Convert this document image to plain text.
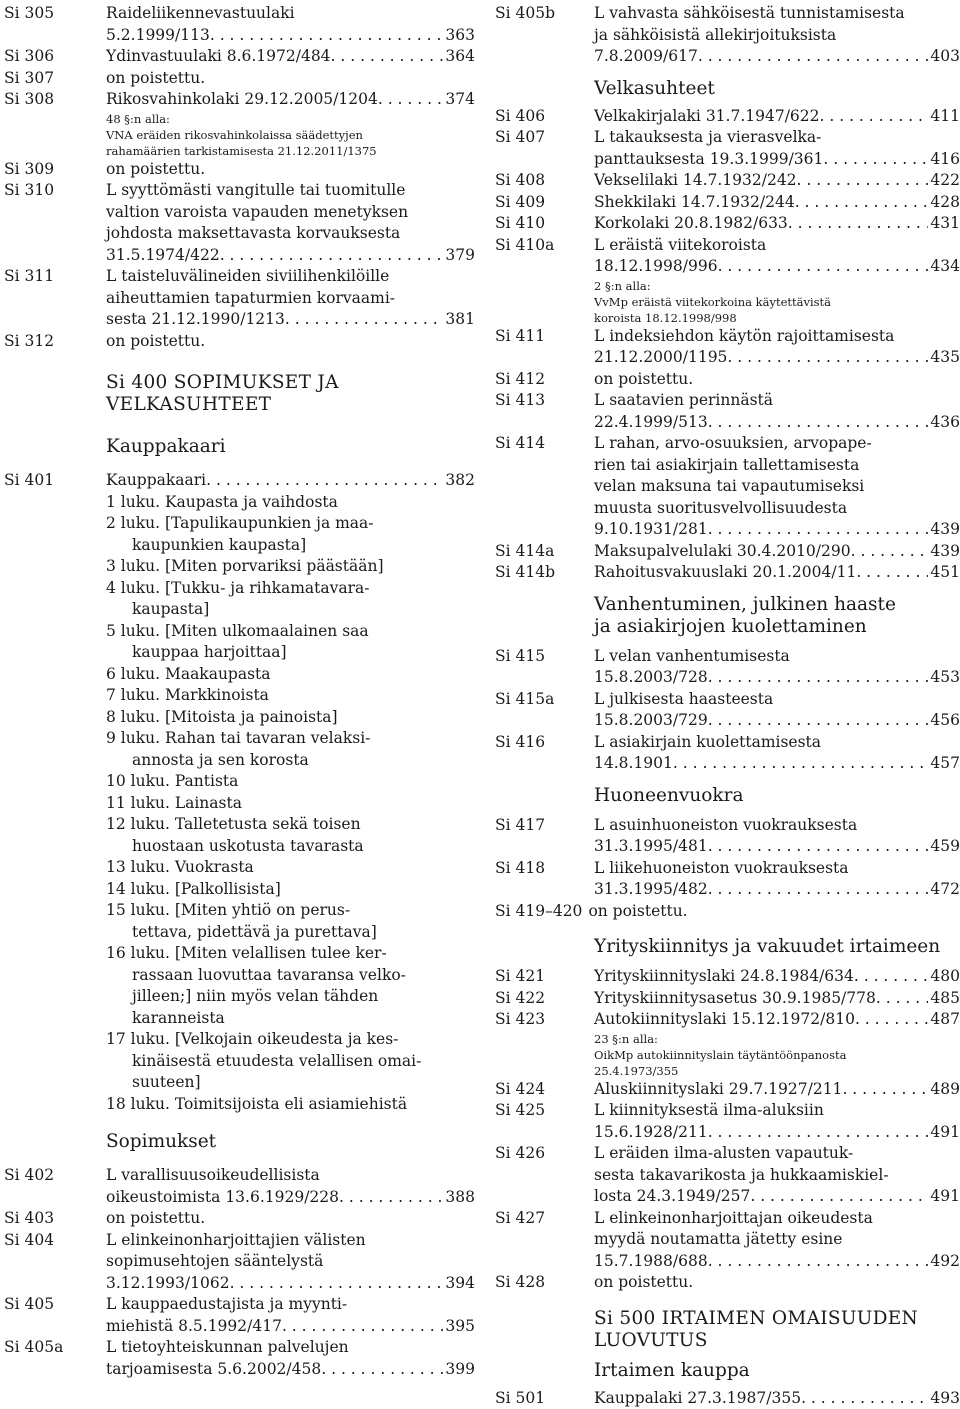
Si 305	Raideliikennevastuulaki
5.2.1999/113 . . .	363
Si 306	Ydinvastuulaki 8.6.1972/484 . . .	364
Si 307	on poistettu.
Si 308	Rikosvahinkolaki 29.12.2005/1204 . . .	374
48 §:n alla:
VNA eräiden rikosvahinkolaissa säädettyjen
rahamäärien tarkistamisesta 21.12.2011/1375
Si 309	on poistettu.
Si 310	L syyttömästi vangitulle tai tuomitulle
valtion varoista vapauden menetyksen
johdosta maksettavasta korvauksesta
31.5.1974/422 . . .	379
Si 311	L taisteluvälineiden siviilihenkilöille
aiheuttamien tapaturmien korvaami-
sesta 21.12.1990/1213 . . .	381
Si 312	on poistettu.
Si 400 SOPIMUKSET JA
VELKASUHTEET
Kauppakaari
Si 401	Kauppakaari . . .	382
1 luku. Kaupasta ja vaihdosta
2 luku. [Tapulikaupunkien ja maa-
kaupunkien kaupasta]
3 luku. [Miten porvariksi päästään]
4 luku. [Tukku- ja rihkamatavara-
kaupasta]
5 luku. [Miten ulkomaalainen saa
kauppaa harjoittaa]
6 luku. Maakaupasta
7 luku. Markkinoista
8 luku. [Mitoista ja painoista]
9 luku. Rahan tai tavaran velaksi-
annosta ja sen korosta
10 luku. Pantista
11 luku. Lainasta
12 luku. Talletetusta sekä toisen
huostaan uskotusta tavarasta
13 luku. Vuokrasta
14 luku. [Palkollisista]
15 luku. [Miten yhtiö on perus-
tettava, pidettävä ja purettava]
16 luku. [Miten velallisen tulee ker-
rassaan luovuttaa tavaransa velko-
jilleen;] niin myös velan tähden
karanneista
17 luku. [Velkojain oikeudesta ja kes-
kinäisestä etuudesta velallisen omai-
suuteen]
18 luku. Toimitsijoista eli asiamiehistä
Sopimukset
Si 402	L varallisuusoikeudellisista
oikeustoimista 13.6.1929/228 . . .	388
Si 403	on poistettu.
Si 404	L elinkeinonharjoittajien välisten
sopimusehtojen sääntelystä
3.12.1993/1062 . . .	394
Si 405	L kauppaedustajista ja myynti-
miehistä 8.5.1992/417 . . .	395
Si 405a	L tietoyhteiskunnan palvelujen
tarjoamisesta 5.6.2002/458 . . .	399
Si 405b	L vahvasta sähköisestä tunnistamisesta
ja sähköisistä allekirjoituksista
7.8.2009/617 . . .	403
Velkasuhteet
Si 406	Velkakirjalaki 31.7.1947/622 . . .	411
Si 407	L takauksesta ja vierasvelka-
panttauksesta 19.3.1999/361 . . .	416
Si 408	Vekselilaki 14.7.1932/242 . . .	422
Si 409	Shekkilaki 14.7.1932/244 . . .	428
Si 410	Korkolaki 20.8.1982/633 . . .	431
Si 410a	L eräistä viitekoroista
18.12.1998/996 . . .	434
2 §:n alla:
VvMp eräistä viitekorkoina käytettävistä
koroista 18.12.1998/998
Si 411	L indeksiehdon käytön rajoittamisesta
21.12.2000/1195 . . .	435
Si 412	on poistettu.
Si 413	L saatavien perinnästä
22.4.1999/513 . . .	436
Si 414	L rahan, arvo-osuuksien, arvopape-
rien tai asiakirjain tallettamisesta
velan maksuna tai vapautumiseksi
muusta suoritusvelvollisuudesta
9.10.1931/281 . . .	439
Si 414a	Maksupalvelulaki 30.4.2010/290 . . .	439
Si 414b	Rahoitusvakuuslaki 20.1.2004/11 . . .	451
Vanhentuminen, julkinen haaste
ja asiakirjojen kuolettaminen
Si 415	L velan vanhentumisesta
15.8.2003/728 . . .	453
Si 415a	L julkisesta haasteesta
15.8.2003/729 . . .	456
Si 416	L asiakirjain kuolettamisesta
14.8.1901 . . .	457
Huoneenvuokra
Si 417	L asuinhuoneiston vuokrauksesta
31.3.1995/481 . . .	459
Si 418	L liikehuoneiston vuokrauksesta
31.3.1995/482 . . .	472
Si 419–420 on poistettu.
Yrityskiinnitys ja vakuudet irtaimeen
Si 421	Yrityskiinnityslaki 24.8.1984/634 . . .	480
Si 422	Yrityskiinnitysasetus 30.9.1985/778 . . .	485
Si 423	Autokiinnityslaki 15.12.1972/810 . . .	487
23 §:n alla:
OikMp autokiinnityslain täytäntöönpanosta
25.4.1973/355
Si 424	Aluskiinnityslaki 29.7.1927/211 . . .	489
Si 425	L kiinnityksestä ilma-aluksiin
15.6.1928/211 . . .	491
Si 426	L eräiden ilma-alusten vapautuk-
sesta takavarikosta ja hukkaamiskiel-
losta 24.3.1949/257 . . .	491
Si 427	L elinkeinonharjoittajan oikeudesta
myydä noutamatta jätetty esine
15.7.1988/688 . . .	492
Si 428	on poistettu.
Si 500 IRTAIMEN OMAISUUDEN
LUOVUTUS
Irtaimen kauppa
Si 501	Kauppalaki 27.3.1987/355 . . .	493
